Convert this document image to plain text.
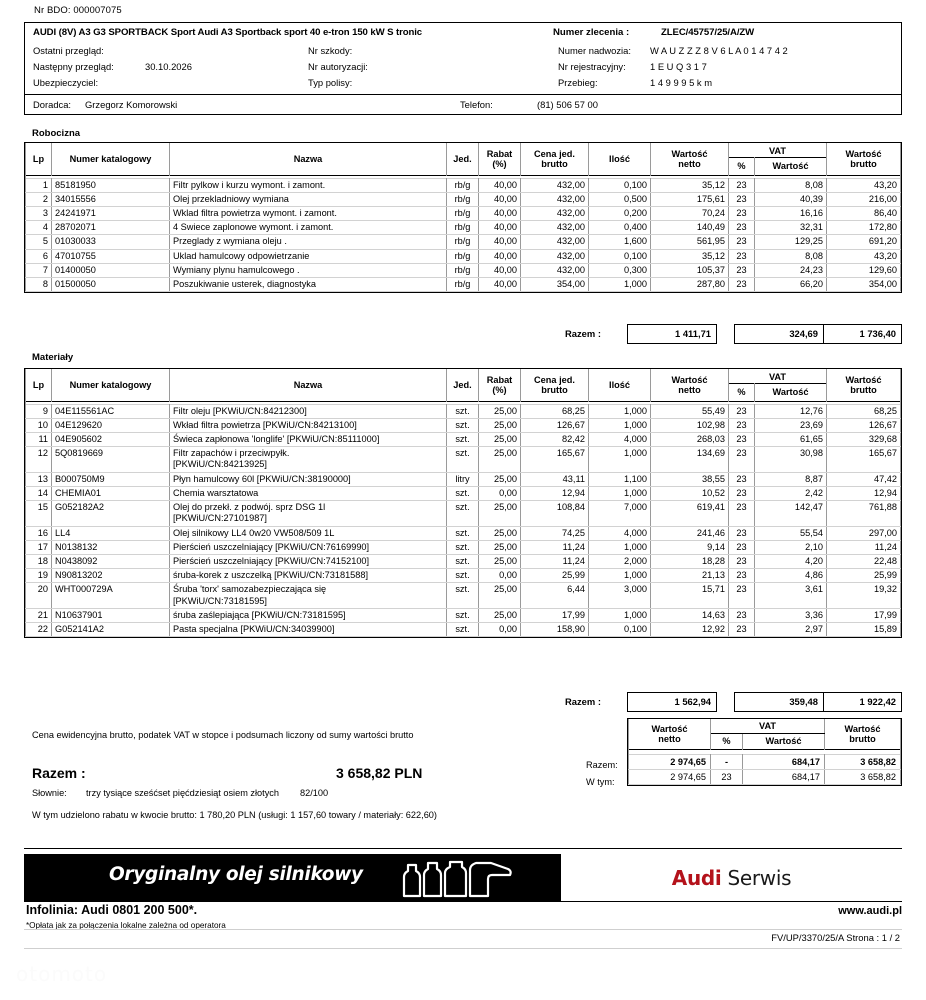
Nr BDO: 000007075
AUDI (8V) A3 G3 SPORTBACK Sport Audi A3 Sportback sport 40 e-tron 150 kW S tronic	Numer zlecenia :	ZLEC/45757/25/A/ZW
Ostatni przegląd:
Następny przegląd:	30.10.2026
Ubezpieczyciel:
Nr szkody:
Nr autoryzacji:
Typ polisy:
Numer nadwozia:	W A U Z Z Z 8 V 6 L A 0 1 4 7 4 2
Nr rejestracyjny:	1 E U Q 3 1 7
Przebieg:	1 4 9 9 9 5 k m
Doradca:	Grzegorz Komorowski	Telefon:	(81) 506 57 00
Robocizna
Lp	Numer katalogowy	Nazwa	Jed.	Rabat
(%)	Cena jed.
brutto	Ilość	Wartość
netto	VAT		Wartość
brutto
								%	Wartość	

1	85181950	Filtr pylkow i kurzu wymont. i zamont.	rb/g	40,00	432,00	0,100	35,12	23	8,08	43,20
2	34015556	Olej przekladniowy wymiana	rb/g	40,00	432,00	0,500	175,61	23	40,39	216,00
3	24241971	Wklad filtra powietrza wymont. i zamont.	rb/g	40,00	432,00	0,200	70,24	23	16,16	86,40
4	28702071	4 Swiece zaplonowe wymont. i zamont.	rb/g	40,00	432,00	0,400	140,49	23	32,31	172,80
5	01030033	Przeglady z wymiana oleju .	rb/g	40,00	432,00	1,600	561,95	23	129,25	691,20
6	47010755	Uklad hamulcowy odpowietrzanie	rb/g	40,00	432,00	0,100	35,12	23	8,08	43,20
7	01400050	Wymiany plynu hamulcowego .	rb/g	40,00	432,00	0,300	105,37	23	24,23	129,60
8	01500050	Poszukiwanie usterek, diagnostyka	rb/g	40,00	354,00	1,000	287,80	23	66,20	354,00
Razem :	1 411,71	324,69	1 736,40
Materiały
Lp	Numer katalogowy	Nazwa	Jed.	Rabat
(%)	Cena jed.
brutto	Ilość	Wartość
netto	VAT		Wartość
brutto
								%	Wartość	

9	04E115561AC	Filtr oleju [PKWiU/CN:84212300]	szt.	25,00	68,25	1,000	55,49	23	12,76	68,25
10	04E129620	Wkład filtra powietrza [PKWiU/CN:84213100]	szt.	25,00	126,67	1,000	102,98	23	23,69	126,67
11	04E905602	Świeca zapłonowa 'longlife' [PKWiU/CN:85111000]	szt.	25,00	82,42	4,000	268,03	23	61,65	329,68
12	5Q0819669	Filtr zapachów i przeciwpyłk.
[PKWiU/CN:84213925]	szt.	25,00	165,67	1,000	134,69	23	30,98	165,67
13	B000750M9	Płyn hamulcowy 60l [PKWiU/CN:38190000]	litry	25,00	43,11	1,100	38,55	23	8,87	47,42
14	CHEMIA01	Chemia warsztatowa	szt.	0,00	12,94	1,000	10,52	23	2,42	12,94
15	G052182A2	Olej do przekł. z podwój. sprz DSG 1l
[PKWiU/CN:27101987]	szt.	25,00	108,84	7,000	619,41	23	142,47	761,88
16	LL4	Olej silnikowy LL4 0w20 VW508/509 1L	szt.	25,00	74,25	4,000	241,46	23	55,54	297,00
17	N0138132	Pierścień uszczelniający [PKWiU/CN:76169990]	szt.	25,00	11,24	1,000	9,14	23	2,10	11,24
18	N0438092	Pierścień uszczelniający [PKWiU/CN:74152100]	szt.	25,00	11,24	2,000	18,28	23	4,20	22,48
19	N90813202	śruba-korek z uszczelką [PKWiU/CN:73181588]	szt.	0,00	25,99	1,000	21,13	23	4,86	25,99
20	WHT000729A	Śruba 'torx' samozabezpieczająca się
[PKWiU/CN:73181595]	szt.	25,00	6,44	3,000	15,71	23	3,61	19,32
21	N10637901	śruba zaślepiająca [PKWiU/CN:73181595]	szt.	25,00	17,99	1,000	14,63	23	3,36	17,99
22	G052141A2	Pasta specjalna [PKWiU/CN:34039900]	szt.	0,00	158,90	0,100	12,92	23	2,97	15,89
Razem :	1 562,94	359,48	1 922,42
Cena ewidencyjna brutto, podatek VAT w stopce i podsumach liczony od sumy wartości brutto
Razem :	3 658,82 PLN
Słownie: trzy tysiące sześćset pięćdziesiąt osiem złotych 82/100
W tym udzielono rabatu w kwocie brutto: 1 780,20 PLN (usługi: 1 157,60 towary / materiały: 622,60)
Razem:
W tym:
Wartość
netto	VAT		Wartość
brutto
	%	Wartość	

2 974,65	-	684,17	3 658,82
2 974,65	23	684,17	3 658,82
Oryginalny olej silnikowy	Audi Serwis
Infolinia: Audi 0801 200 500*.	www.audi.pl
*Opłata jak za połączenia lokalne zależna od operatora
FV/UP/3370/25/A Strona : 1 / 2
otomoto
